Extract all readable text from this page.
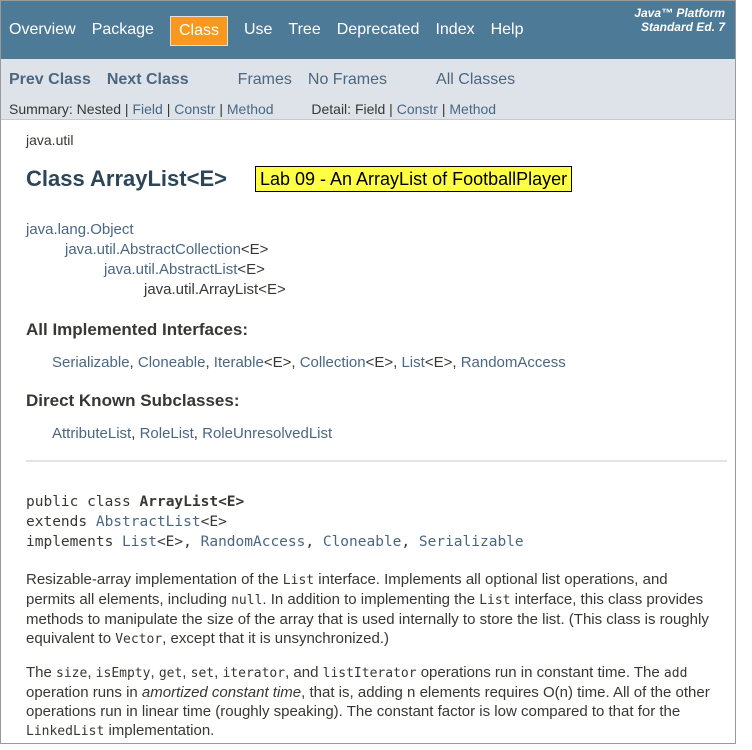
Overview Package	Class	Use Tree Deprecated Index Help
Java™ Platform
Standard Ed. 7
Prev Class Next Class	Frames No Frames	All Classes
Summary: Nested | Field | Constr | Method	Detail: Field | Constr | Method
java.util
Class ArrayList<E> Lab 09 - An ArrayList of FootballPlayer
java.lang.Object
java.util.AbstractCollection<E>
java.util.AbstractList<E>
java.util.ArrayList<E>
All Implemented Interfaces:
Serializable, Cloneable, Iterable<E>, Collection<E>, List<E>, RandomAccess
Direct Known Subclasses:
AttributeList, RoleList, RoleUnresolvedList
public class ArrayList<E>
extends AbstractList<E>
implements List<E>, RandomAccess, Cloneable, Serializable

Resizable-array implementation of the List interface. Implements all optional list operations, and permits all elements, including null. In addition to implementing the List interface, this class provides methods to manipulate the size of the array that is used internally to store the list. (This class is roughly equivalent to Vector, except that it is unsynchronized.)

The size, isEmpty, get, set, iterator, and listIterator operations run in constant time. The add operation runs in amortized constant time, that is, adding n elements requires O(n) time. All of the other operations run in linear time (roughly speaking). The constant factor is low compared to that for the LinkedList implementation.
